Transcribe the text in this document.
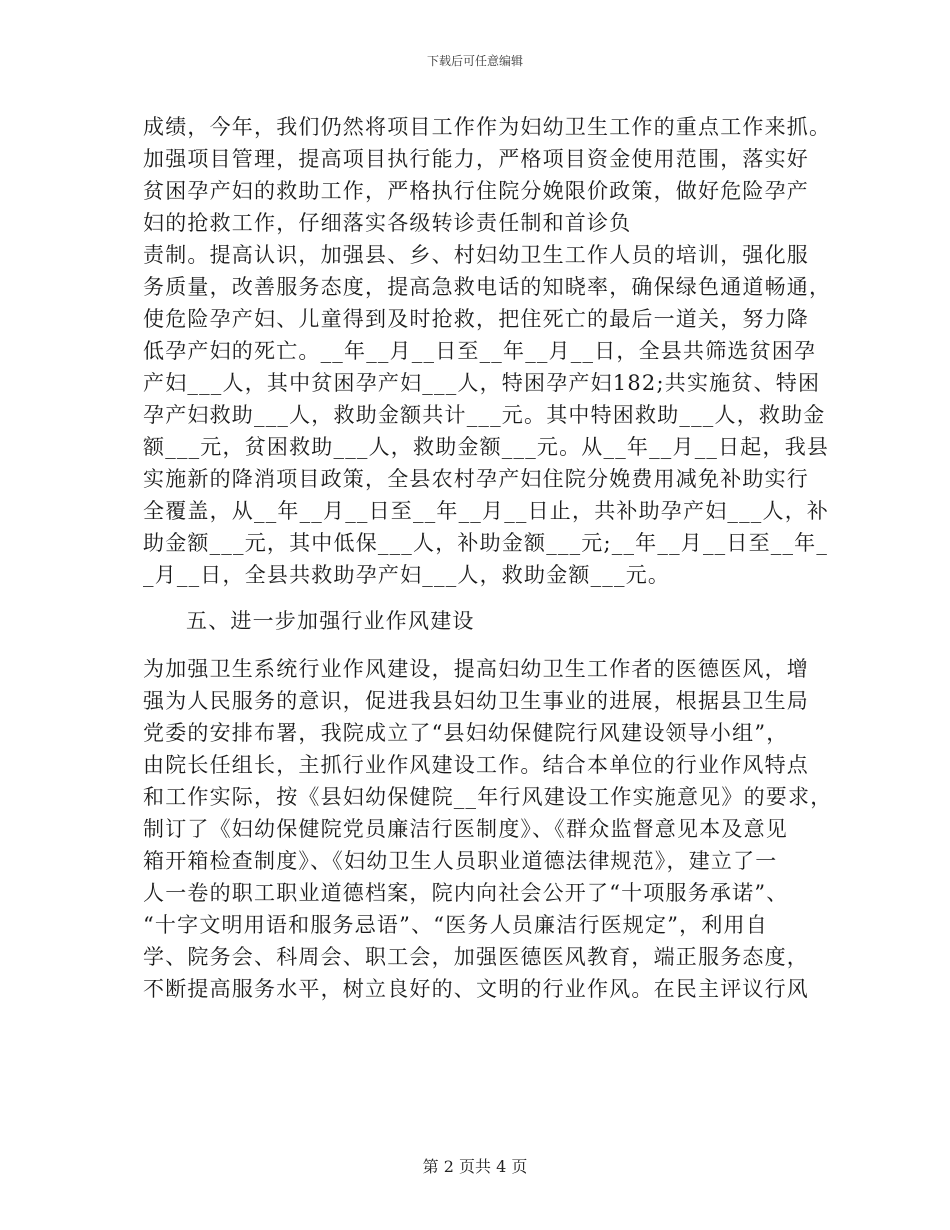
下载后可任意编辑
成绩，今年，我们仍然将项目工作作为妇幼卫生工作的重点工作来抓。
加强项目管理，提高项目执行能力，严格项目资金使用范围，落实好
贫困孕产妇的救助工作，严格执行住院分娩限价政策，做好危险孕产
妇的抢救工作，仔细落实各级转诊责任制和首诊负
责制。提高认识，加强县、乡、村妇幼卫生工作人员的培训，强化服
务质量，改善服务态度，提高急救电话的知晓率，确保绿色通道畅通，
使危险孕产妇、儿童得到及时抢救，把住死亡的最后一道关，努力降
低孕产妇的死亡。__年__月__日至__年__月__日，全县共筛选贫困孕
产妇___人，其中贫困孕产妇___人，特困孕产妇182;共实施贫、特困
孕产妇救助___人，救助金额共计___元。其中特困救助___人，救助金
额___元，贫困救助___人，救助金额___元。从__年__月__日起，我县
实施新的降消项目政策，全县农村孕产妇住院分娩费用减免补助实行
全覆盖，从__年__月__日至__年__月__日止，共补助孕产妇___人，补
助金额___元，其中低保___人，补助金额___元;__年__月__日至__年_
_月__日，全县共救助孕产妇___人，救助金额___元。
五、进一步加强行业作风建设
为加强卫生系统行业作风建设，提高妇幼卫生工作者的医德医风，增
强为人民服务的意识，促进我县妇幼卫生事业的进展，根据县卫生局
党委的安排布署，我院成立了“县妇幼保健院行风建设领导小组”，
由院长任组长，主抓行业作风建设工作。结合本单位的行业作风特点
和工作实际，按《县妇幼保健院__年行风建设工作实施意见》的要求，
制订了《妇幼保健院党员廉洁行医制度》、《群众监督意见本及意见
箱开箱检查制度》、《妇幼卫生人员职业道德法律规范》，建立了一
人一卷的职工职业道德档案，院内向社会公开了“十项服务承诺”、
“十字文明用语和服务忌语”、“医务人员廉洁行医规定”，利用自
学、院务会、科周会、职工会，加强医德医风教育，端正服务态度，
不断提高服务水平，树立良好的、文明的行业作风。在民主评议行风
第 2 页共 4 页
